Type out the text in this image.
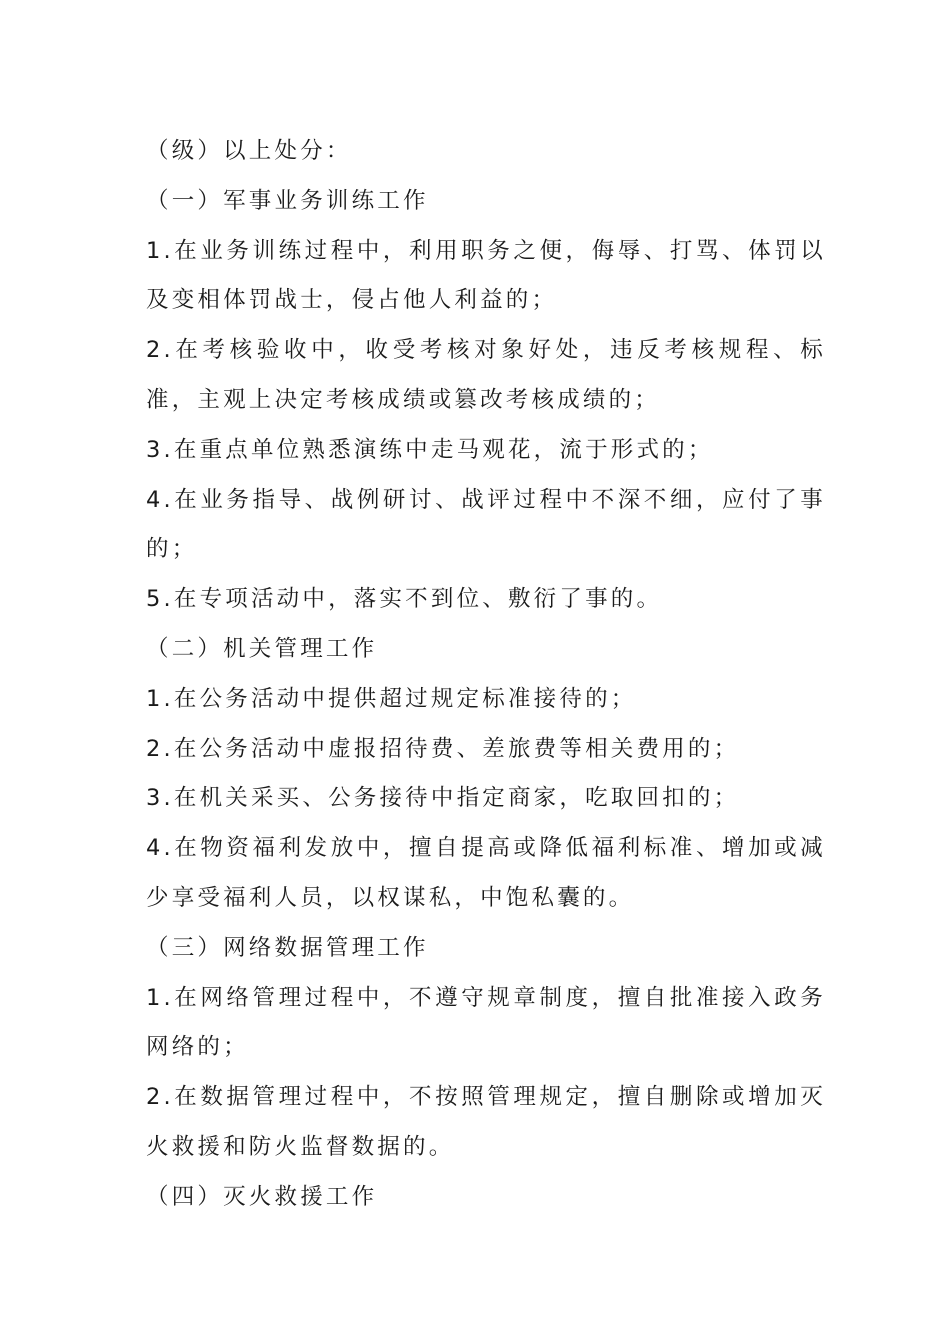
（级）以上处分：

（一）军事业务训练工作

1.在业务训练过程中，利用职务之便，侮辱、打骂、体罚以及变相体罚战士，侵占他人利益的；

2.在考核验收中，收受考核对象好处，违反考核规程、标准，主观上决定考核成绩或篡改考核成绩的；

3.在重点单位熟悉演练中走马观花，流于形式的；

4.在业务指导、战例研讨、战评过程中不深不细，应付了事的；

5.在专项活动中，落实不到位、敷衍了事的。

（二）机关管理工作

1.在公务活动中提供超过规定标准接待的；

2.在公务活动中虚报招待费、差旅费等相关费用的；

3.在机关采买、公务接待中指定商家，吃取回扣的；

4.在物资福利发放中，擅自提高或降低福利标准、增加或减少享受福利人员，以权谋私，中饱私囊的。

（三）网络数据管理工作

1.在网络管理过程中，不遵守规章制度，擅自批准接入政务网络的；

2.在数据管理过程中，不按照管理规定，擅自删除或增加灭火救援和防火监督数据的。

（四）灭火救援工作
